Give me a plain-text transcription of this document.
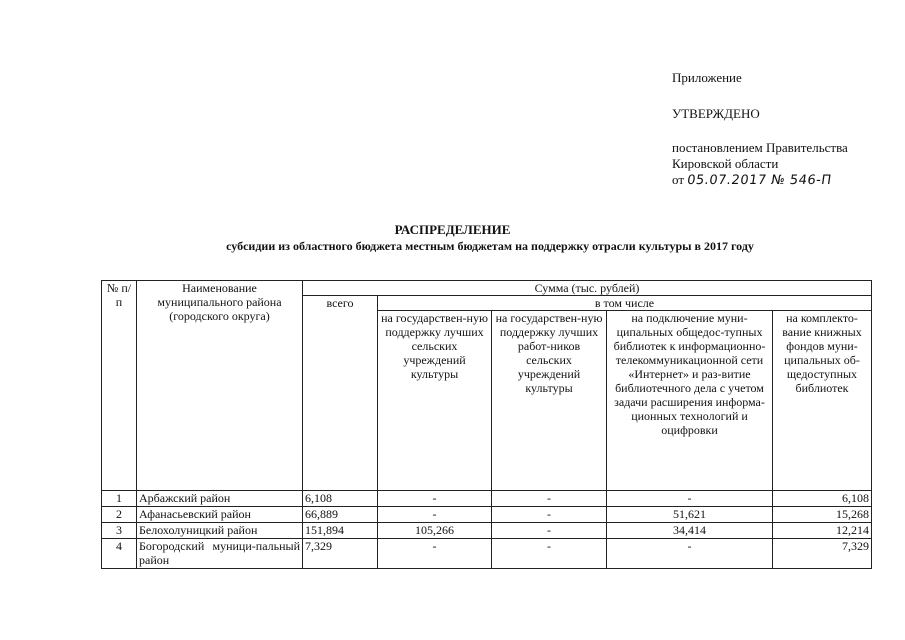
Приложение
УТВЕРЖДЕНО
постановлением Правительства
Кировской области
от 05.07.2017 № 546-П
РАСПРЕДЕЛЕНИЕ
субсидии из областного бюджета местным бюджетам на поддержку отрасли культуры в 2017 году
№ п/п	Наименование муниципального района (городского округа)	Сумма (тыс. рублей)				
		всего	в том числе			
			на государствен-ную поддержку лучших сельских учреждений культуры	на государствен-ную поддержку лучших работ-ников сельских учреждений культуры	на подключение муни-ципальных общедос-тупных библиотек к информационно-телекоммуникационной сети «Интернет» и раз-витие библиотечного дела с учетом задачи расширения информа-ционных технологий и оцифровки	на комплекто-вание книжных фондов муни-ципальных об-щедоступных библиотек
1	Арбажский район	6,108	-	-	-	6,108
2	Афанасьевский район	66,889	-	-	51,621	15,268
3	Белохолуницкий район	151,894	105,266	-	34,414	12,214
4	Богородский муници-пальный район	7,329	-	-	-	7,329
